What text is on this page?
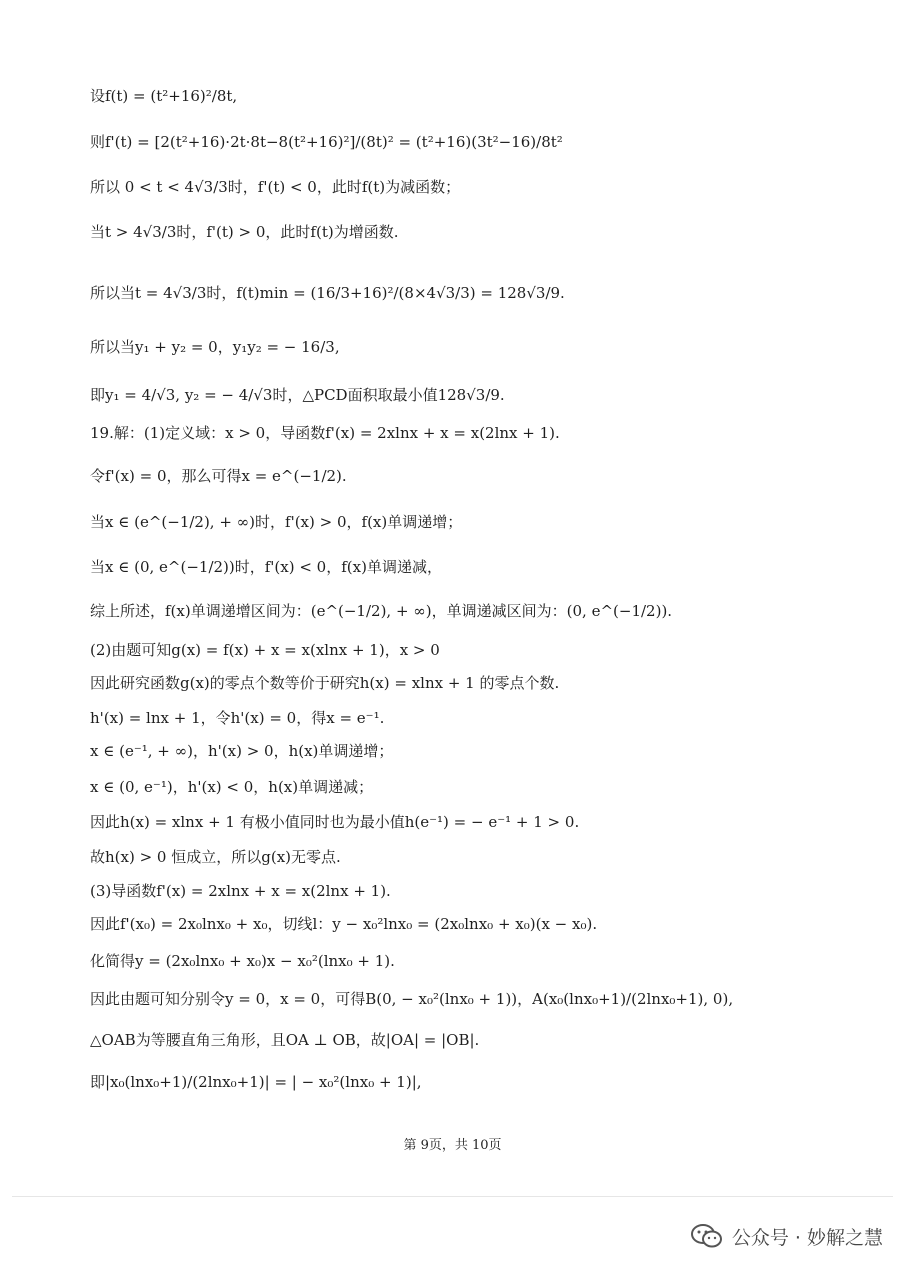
设f(t) = (t²+16)²/8t,
则f'(t) = [2(t²+16)·2t·8t−8(t²+16)²]/(8t)² = (t²+16)(3t²−16)/8t²
所以 0 < t < 4√3/3时，f'(t) < 0，此时f(t)为减函数；
当t > 4√3/3时，f'(t) > 0，此时f(t)为增函数.
所以当t = 4√3/3时，f(t)min = (16/3+16)²/(8×4√3/3) = 128√3/9.
所以当y₁ + y₂ = 0，y₁y₂ = − 16/3,
即y₁ = 4/√3, y₂ = − 4/√3时，△PCD面积取最小值128√3/9.
19.解：(1)定义域：x > 0，导函数f'(x) = 2xlnx + x = x(2lnx + 1).
令f'(x) = 0，那么可得x = e^(−1/2).
当x ∈ (e^(−1/2), + ∞)时，f'(x) > 0，f(x)单调递增；
当x ∈ (0, e^(−1/2))时，f'(x) < 0，f(x)单调递减，
综上所述，f(x)单调递增区间为：(e^(−1/2), + ∞)，单调递减区间为：(0, e^(−1/2)).
(2)由题可知g(x) = f(x) + x = x(xlnx + 1)，x > 0
因此研究函数g(x)的零点个数等价于研究h(x) = xlnx + 1 的零点个数.
h'(x) = lnx + 1，令h'(x) = 0，得x = e⁻¹.
x ∈ (e⁻¹, + ∞)，h'(x) > 0，h(x)单调递增；
x ∈ (0, e⁻¹)，h'(x) < 0，h(x)单调递减；
因此h(x) = xlnx + 1 有极小值同时也为最小值h(e⁻¹) = − e⁻¹ + 1 > 0.
故h(x) > 0 恒成立，所以g(x)无零点.
(3)导函数f'(x) = 2xlnx + x = x(2lnx + 1).
因此f'(x₀) = 2x₀lnx₀ + x₀，切线l：y − x₀²lnx₀ = (2x₀lnx₀ + x₀)(x − x₀).
化简得y = (2x₀lnx₀ + x₀)x − x₀²(lnx₀ + 1).
因此由题可知分别令y = 0，x = 0，可得B(0, − x₀²(lnx₀ + 1))，A(x₀(lnx₀+1)/(2lnx₀+1), 0),
△OAB为等腰直角三角形，且OA ⊥ OB，故|OA| = |OB|.
即|x₀(lnx₀+1)/(2lnx₀+1)| = | − x₀²(lnx₀ + 1)|,
第 9页，共 10页
公众号 · 妙解之慧
